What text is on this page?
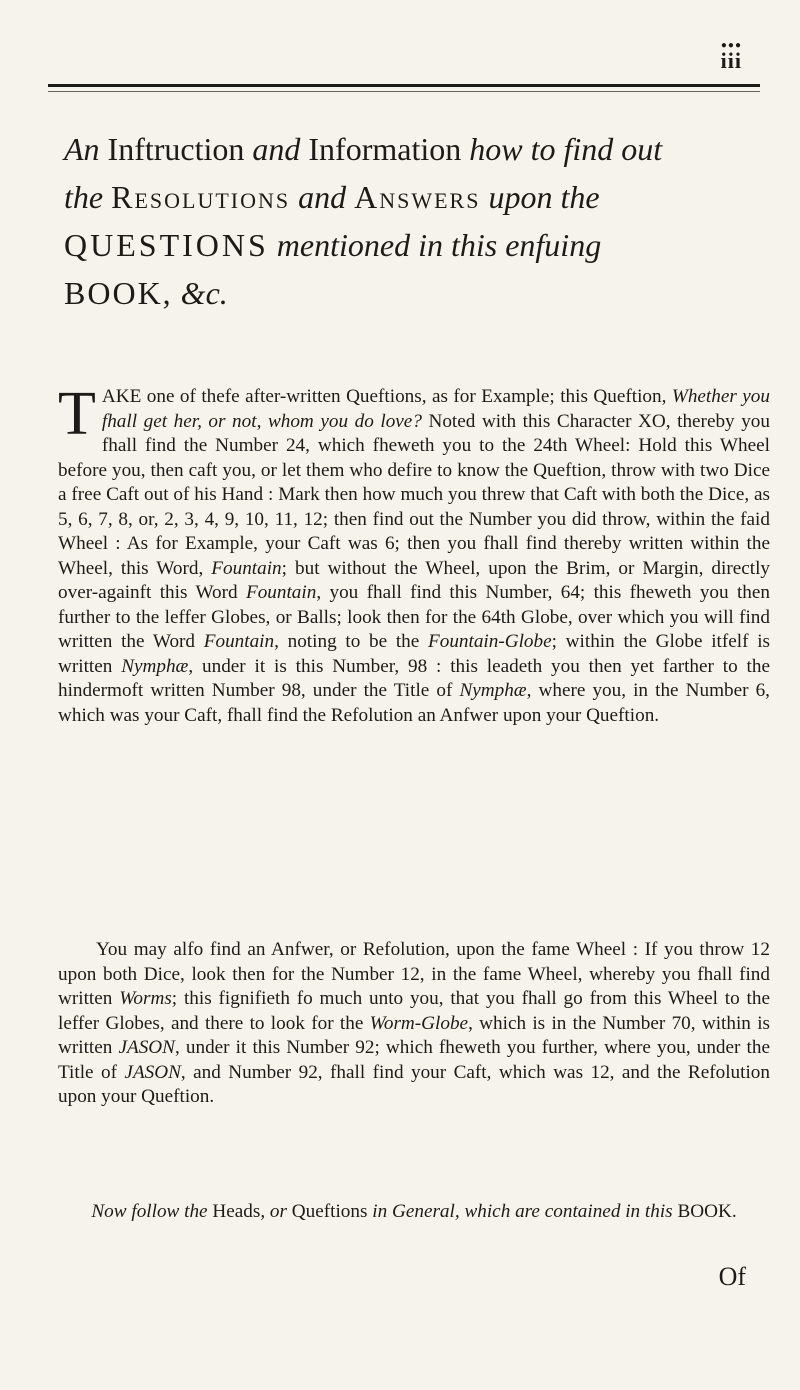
●●●
iii
An Inftruction and Information how to find out
the Resolutions and Answers upon the
QUESTIONS mentioned in this enfuing
BOOK, &c.
TAKE one of thefe after-written Queftions, as for Example; this Queftion, Whether you fhall get her, or not, whom you do love? Noted with this Character XO, thereby you fhall find the Number 24, which fheweth you to the 24th Wheel: Hold this Wheel before you, then caft you, or let them who defire to know the Queftion, throw with two Dice a free Caft out of his Hand : Mark then how much you threw that Caft with both the Dice, as 5, 6, 7, 8, or, 2, 3, 4, 9, 10, 11, 12; then find out the Number you did throw, within the faid Wheel : As for Example, your Caft was 6; then you fhall find thereby written within the Wheel, this Word, Fountain; but without the Wheel, upon the Brim, or Margin, directly over-againft this Word Fountain, you fhall find this Number, 64; this fheweth you then further to the leffer Globes, or Balls; look then for the 64th Globe, over which you will find written the Word Fountain, noting to be the Fountain-Globe; within the Globe itfelf is written Nymphæ, under it is this Number, 98 : this leadeth you then yet farther to the hindermoft written Number 98, under the Title of Nymphæ, where you, in the Number 6, which was your Caft, fhall find the Refolution an Anfwer upon your Queftion.
You may alfo find an Anfwer, or Refolution, upon the fame Wheel : If you throw 12 upon both Dice, look then for the Number 12, in the fame Wheel, whereby you fhall find written Worms; this fignifieth fo much unto you, that you fhall go from this Wheel to the leffer Globes, and there to look for the Worm-Globe, which is in the Number 70, within is written JASON, under it this Number 92; which fheweth you further, where you, under the Title of JASON, and Number 92, fhall find your Caft, which was 12, and the Refolution upon your Queftion.
Now follow the Heads, or Queftions in General, which are contained in this BOOK.
Of
